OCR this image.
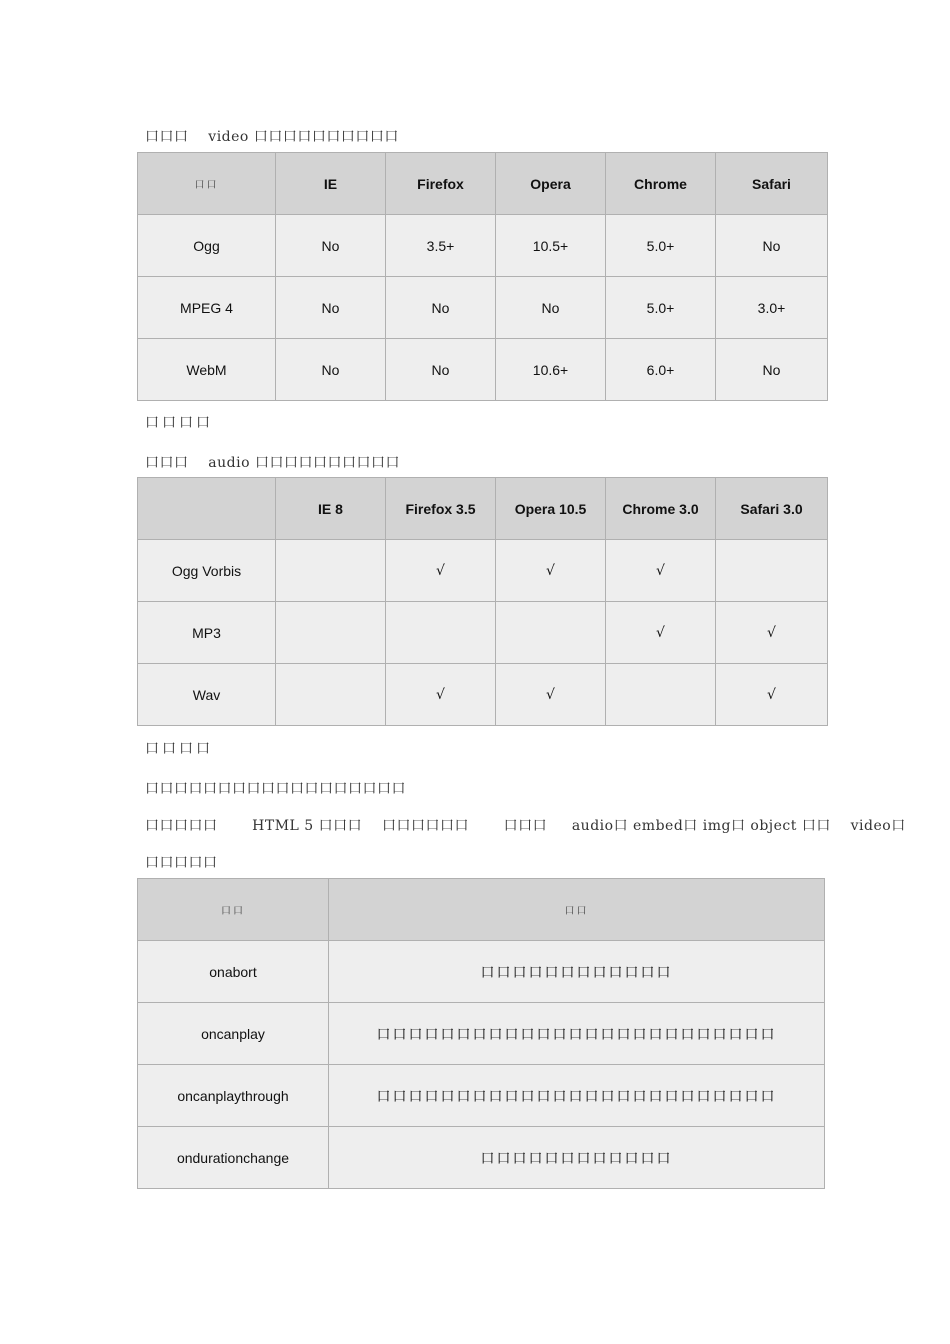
口口口    video 口口口口口口口口口口
口口	IE	Firefox	Opera	Chrome	Safari
Ogg	No	3.5+	10.5+	5.0+	No
MPEG 4	No	No	No	5.0+	3.0+
WebM	No	No	10.6+	6.0+	No
口口口口
口口口    audio 口口口口口口口口口口
	IE 8	Firefox 3.5	Opera 10.5	Chrome 3.0	Safari 3.0
Ogg Vorbis		√	√	√	
MP3				√	√
Wav		√	√		√
口口口口
口口口口口口口口口口口口口口口口口口
口口口口口       HTML 5 口口口    口口口口口口       口口口     audio口 embed口 img口 object 口口    video口
口口口口口
口口	口口
onabort	口口口口口口口口口口口口
oncanplay	口口口口口口口口口口口口口口口口口口口口口口口口口
oncanplaythrough	口口口口口口口口口口口口口口口口口口口口口口口口口
ondurationchange	口口口口口口口口口口口口
